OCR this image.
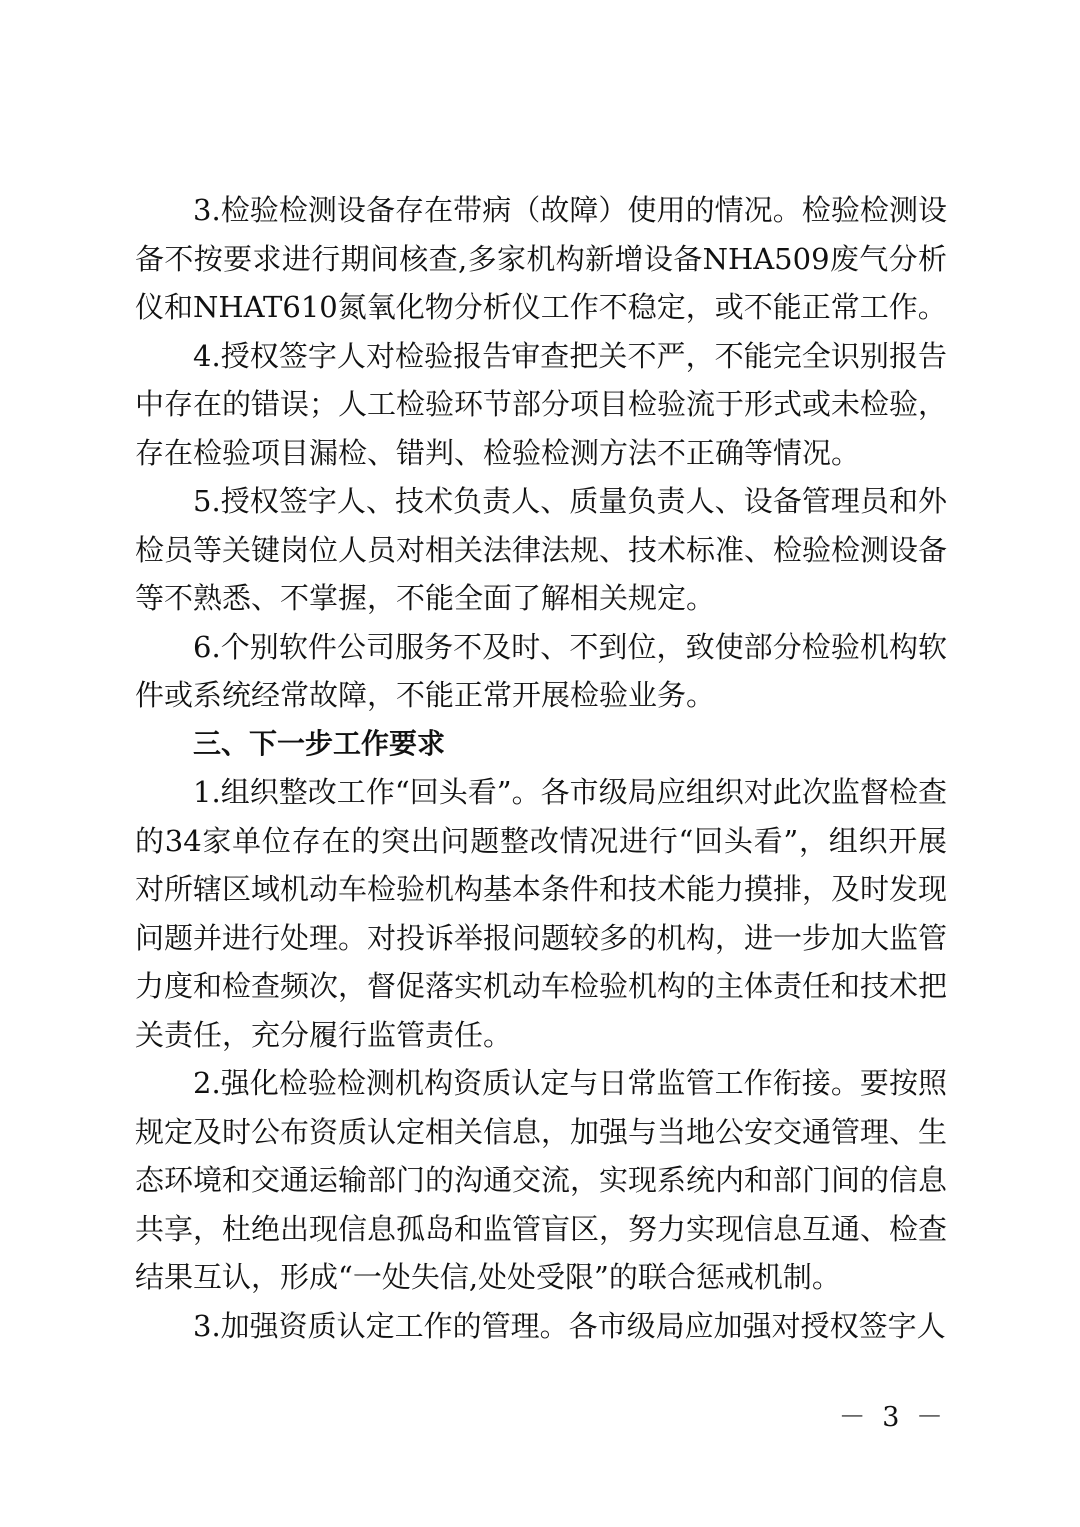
3.检验检测设备存在带病（故障）使用的情况。检验检测设备不按要求进行期间核查,多家机构新增设备NHA509废气分析仪和NHAT610氮氧化物分析仪工作不稳定，或不能正常工作。

4.授权签字人对检验报告审查把关不严，不能完全识别报告中存在的错误；人工检验环节部分项目检验流于形式或未检验，存在检验项目漏检、错判、检验检测方法不正确等情况。

5.授权签字人、技术负责人、质量负责人、设备管理员和外检员等关键岗位人员对相关法律法规、技术标准、检验检测设备等不熟悉、不掌握，不能全面了解相关规定。

6.个别软件公司服务不及时、不到位，致使部分检验机构软件或系统经常故障，不能正常开展检验业务。

三、下一步工作要求

1.组织整改工作“回头看”。各市级局应组织对此次监督检查的34家单位存在的突出问题整改情况进行“回头看”，组织开展对所辖区域机动车检验机构基本条件和技术能力摸排，及时发现问题并进行处理。对投诉举报问题较多的机构，进一步加大监管力度和检查频次，督促落实机动车检验机构的主体责任和技术把关责任，充分履行监管责任。

2.强化检验检测机构资质认定与日常监管工作衔接。要按照规定及时公布资质认定相关信息，加强与当地公安交通管理、生态环境和交通运输部门的沟通交流，实现系统内和部门间的信息共享，杜绝出现信息孤岛和监管盲区，努力实现信息互通、检查结果互认，形成“一处失信,处处受限”的联合惩戒机制。

3.加强资质认定工作的管理。各市级局应加强对授权签字人

－ 3 －
